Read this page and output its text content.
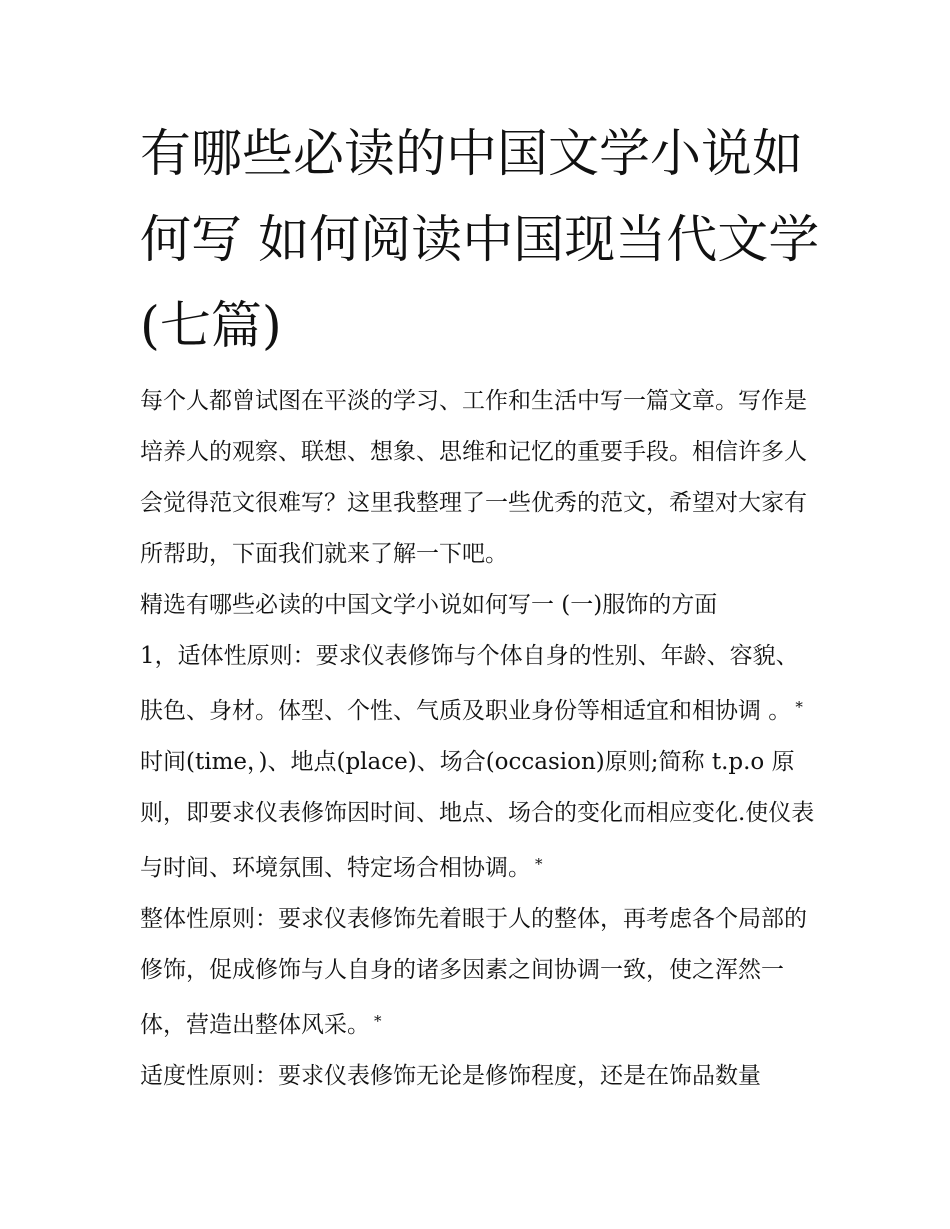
有哪些必读的中国文学小说如何写 如何阅读中国现当代文学(七篇)

每个人都曾试图在平淡的学习、工作和生活中写一篇文章。写作是培养人的观察、联想、想象、思维和记忆的重要手段。相信许多人会觉得范文很难写？这里我整理了一些优秀的范文，希望对大家有所帮助，下面我们就来了解一下吧。

精选有哪些必读的中国文学小说如何写一 (一)服饰的方面

1，适体性原则：要求仪表修饰与个体自身的性别、年龄、容貌、肤色、身材。体型、个性、气质及职业身份等相适宜和相协调 。 *

时间(time，)、地点(place)、场合(occasion)原则;简称 t.p.o 原则，即要求仪表修饰因时间、地点、场合的变化而相应变化.使仪表与时间、环境氛围、特定场合相协调。 *

整体性原则：要求仪表修饰先着眼于人的整体，再考虑各个局部的修饰，促成修饰与人自身的诸多因素之间协调一致，使之浑然一体，营造出整体风采。 *

适度性原则：要求仪表修饰无论是修饰程度，还是在饰品数量
